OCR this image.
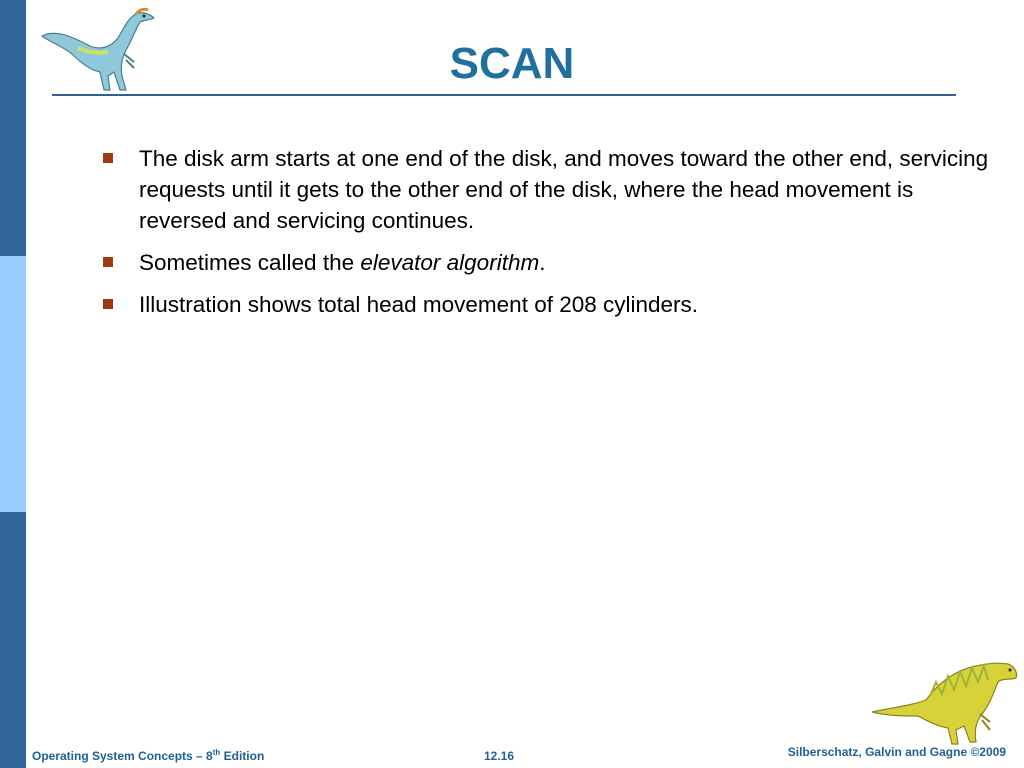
SCAN
The disk arm starts at one end of the disk, and moves toward the other end, servicing requests until it gets to the other end of the disk, where the head movement is reversed and servicing continues.
Sometimes called the elevator algorithm.
Illustration shows total head movement of 208 cylinders.
Operating System Concepts – 8th Edition	12.16	Silberschatz, Galvin and Gagne ©2009
